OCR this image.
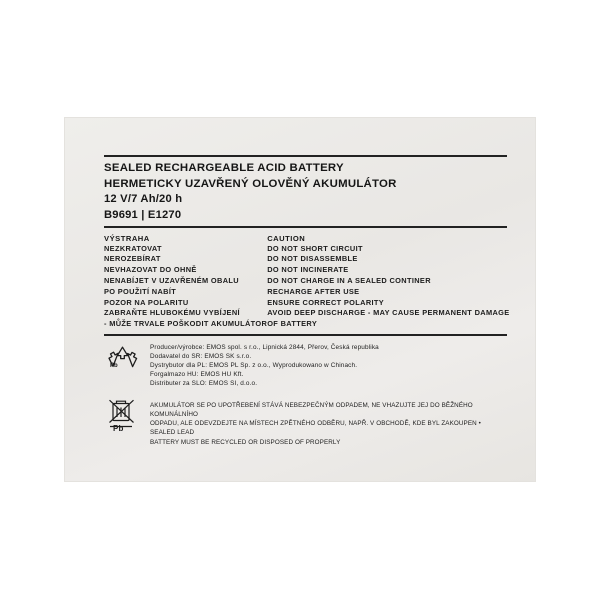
SEALED RECHARGEABLE ACID BATTERY
HERMETICKY UZAVŘENÝ OLOVĚNÝ AKUMULÁTOR
12 V/7 Ah/20 h
B9691 | E1270
VÝSTRAHA
NEZKRATOVAT
NEROZEBÍRAT
NEVHAZOVAT DO OHNĚ
NENABÍJET V UZAVŘENÉM OBALU
PO POUŽITÍ NABÍT
POZOR NA POLARITU
ZABRAŇTE HLUBOKÉMU VYBÍJENÍ
- MŮŽE TRVALE POŠKODIT AKUMULÁTOR
CAUTION
DO NOT SHORT CIRCUIT
DO NOT DISASSEMBLE
DO NOT INCINERATE
DO NOT CHARGE IN A SEALED CONTINER
RECHARGE AFTER USE
ENSURE CORRECT POLARITY
AVOID DEEP DISCHARGE - MAY CAUSE PERMANENT DAMAGE
OF BATTERY
Pb
Producer/výrobce: EMOS spol. s r.o., Lipnická 2844, Přerov, Česká republika
Dodavatel do SR: EMOS SK s.r.o.
Dystrybutor dla PL: EMOS PL Sp. z o.o., Wyprodukowano w Chinach.
Forgalmazo HU: EMOS HU Kft.
Distributer za SLO: EMOS SI, d.o.o.
Pb
AKUMULÁTOR SE PO UPOTŘEBENÍ STÁVÁ NEBEZPEČNÝM ODPADEM, NE VHAZUJTE JEJ DO BĚŽNÉHO KOMUNÁLNÍHO
ODPADU, ALE ODEVZDEJTE NA MÍSTECH ZPĚTNÉHO ODBĚRU, NAPŘ. V OBCHODĚ, KDE BYL ZAKOUPEN • SEALED LEAD
BATTERY MUST BE RECYCLED OR DISPOSED OF PROPERLY
